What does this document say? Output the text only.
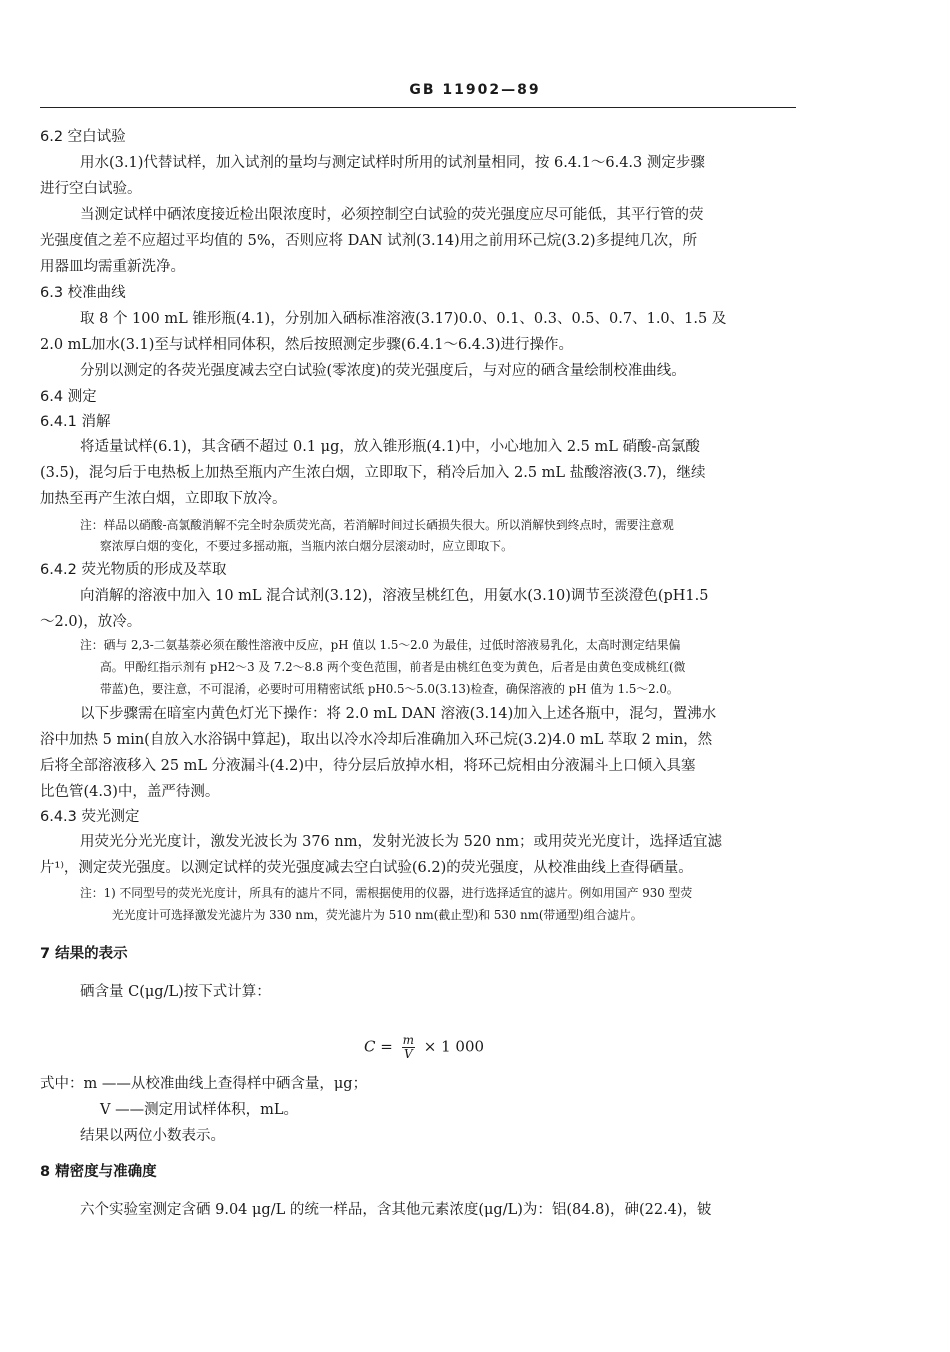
GB 11902—89
6.2 空白试验
用水(3.1)代替试样，加入试剂的量均与测定试样时所用的试剂量相同，按 6.4.1～6.4.3 测定步骤
进行空白试验。
当测定试样中硒浓度接近检出限浓度时，必须控制空白试验的荧光强度应尽可能低，其平行管的荧
光强度值之差不应超过平均值的 5%，否则应将 DAN 试剂(3.14)用之前用环己烷(3.2)多提纯几次，所
用器皿均需重新洗净。
6.3 校准曲线
取 8 个 100 mL 锥形瓶(4.1)，分别加入硒标准溶液(3.17)0.0、0.1、0.3、0.5、0.7、1.0、1.5 及
2.0 mL加水(3.1)至与试样相同体积，然后按照测定步骤(6.4.1～6.4.3)进行操作。
分别以测定的各荧光强度减去空白试验(零浓度)的荧光强度后，与对应的硒含量绘制校准曲线。
6.4 测定
6.4.1 消解
将适量试样(6.1)，其含硒不超过 0.1 μg，放入锥形瓶(4.1)中，小心地加入 2.5 mL 硝酸-高氯酸
(3.5)，混匀后于电热板上加热至瓶内产生浓白烟，立即取下，稍冷后加入 2.5 mL 盐酸溶液(3.7)，继续
加热至再产生浓白烟，立即取下放冷。
注：样品以硝酸-高氯酸消解不完全时杂质荧光高，若消解时间过长硒损失很大。所以消解快到终点时，需要注意观
察浓厚白烟的变化，不要过多摇动瓶，当瓶内浓白烟分层滚动时，应立即取下。
6.4.2 荧光物质的形成及萃取
向消解的溶液中加入 10 mL 混合试剂(3.12)，溶液呈桃红色，用氨水(3.10)调节至淡澄色(pH1.5
～2.0)，放冷。
注：硒与 2,3-二氨基萘必须在酸性溶液中反应，pH 值以 1.5～2.0 为最佳，过低时溶液易乳化，太高时测定结果偏
高。甲酚红指示剂有 pH2～3 及 7.2～8.8 两个变色范围，前者是由桃红色变为黄色，后者是由黄色变成桃红(微
带蓝)色，要注意，不可混淆，必要时可用精密试纸 pH0.5～5.0(3.13)检查，确保溶液的 pH 值为 1.5～2.0。
以下步骤需在暗室内黄色灯光下操作：将 2.0 mL DAN 溶液(3.14)加入上述各瓶中，混匀，置沸水
浴中加热 5 min(自放入水浴锅中算起)，取出以冷水冷却后准确加入环己烷(3.2)4.0 mL 萃取 2 min，然
后将全部溶液移入 25 mL 分液漏斗(4.2)中，待分层后放掉水相，将环己烷相由分液漏斗上口倾入具塞
比色管(4.3)中，盖严待测。
6.4.3 荧光测定
用荧光分光光度计，激发光波长为 376 nm，发射光波长为 520 nm；或用荧光光度计，选择适宜滤
片¹⁾，测定荧光强度。以测定试样的荧光强度减去空白试验(6.2)的荧光强度，从校准曲线上查得硒量。
注：1) 不同型号的荧光光度计，所具有的滤片不同，需根据使用的仪器，进行选择适宜的滤片。例如用国产 930 型荧
光光度计可选择激发光滤片为 330 nm，荧光滤片为 510 nm(截止型)和 530 nm(带通型)组合滤片。
7 结果的表示
硒含量 C(μg/L)按下式计算：
$C = \frac{m}{V} \times 1$ 000
式中：m ——从校准曲线上查得样中硒含量，μg；
V ——测定用试样体积，mL。
结果以两位小数表示。
8 精密度与准确度
六个实验室测定含硒 9.04 μg/L 的统一样品，含其他元素浓度(μg/L)为：铝(84.8)，砷(22.4)，铍
